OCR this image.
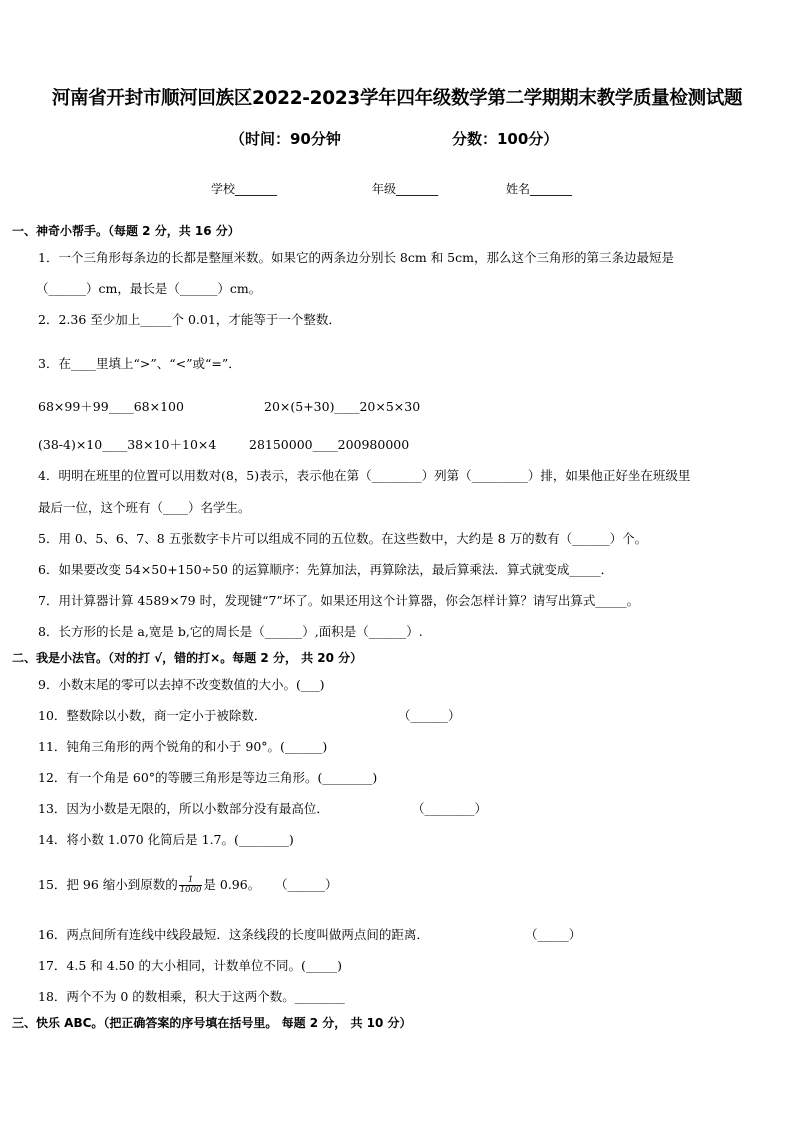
河南省开封市顺河回族区2022-2023学年四年级数学第二学期期末教学质量检测试题
（时间：90分钟	分数：100分）
学校_______	年级_______	姓名_______
一、神奇小帮手。（每题 2 分，共 16 分）
1．一个三角形每条边的长都是整厘米数。如果它的两条边分别长 8cm 和 5cm，那么这个三角形的第三条边最短是
（______）cm，最长是（______）cm。
2．2.36 至少加上_____个 0.01，才能等于一个整数．
3．在____里填上“>”、“<”或“=”．
68×99＋99____68×100	20×(5+30)____20×5×30
(38-4)×10____38×10＋10×4	28150000____200980000
4．明明在班里的位置可以用数对(8，5)表示，表示他在第（________）列第（_________）排，如果他正好坐在班级里
最后一位，这个班有（____）名学生。
5．用 0、5、6、7、8 五张数字卡片可以组成不同的五位数。在这些数中，大约是 8 万的数有（______）个。
6．如果要改变 54×50+150÷50 的运算顺序：先算加法，再算除法，最后算乘法．算式就变成_____．
7．用计算器计算 4589×79 时，发现键“7”坏了。如果还用这个计算器，你会怎样计算？请写出算式_____。
8．长方形的长是 a,宽是 b,它的周长是（______）,面积是（______）.
二、我是小法官。（对的打 √，错的打×。每题 2 分， 共 20 分）
9．小数末尾的零可以去掉不改变数值的大小。(___)
10．整数除以小数，商一定小于被除数．	（______）
11．钝角三角形的两个锐角的和小于 90°。(______)
12．有一个角是 60°的等腰三角形是等边三角形。(________)
13．因为小数是无限的，所以小数部分没有最高位．	（________）
14．将小数 1.070 化简后是 1.7。(________)
15．把 96 缩小到原数的 $\frac{1}{1000}$ 是 0.96。 （______）
16．两点间所有连线中线段最短．这条线段的长度叫做两点间的距离．	（_____）
17．4.5 和 4.50 的大小相同，计数单位不同。(_____)
18．两个不为 0 的数相乘，积大于这两个数。________
三、快乐 ABC。（把正确答案的序号填在括号里。 每题 2 分， 共 10 分）
